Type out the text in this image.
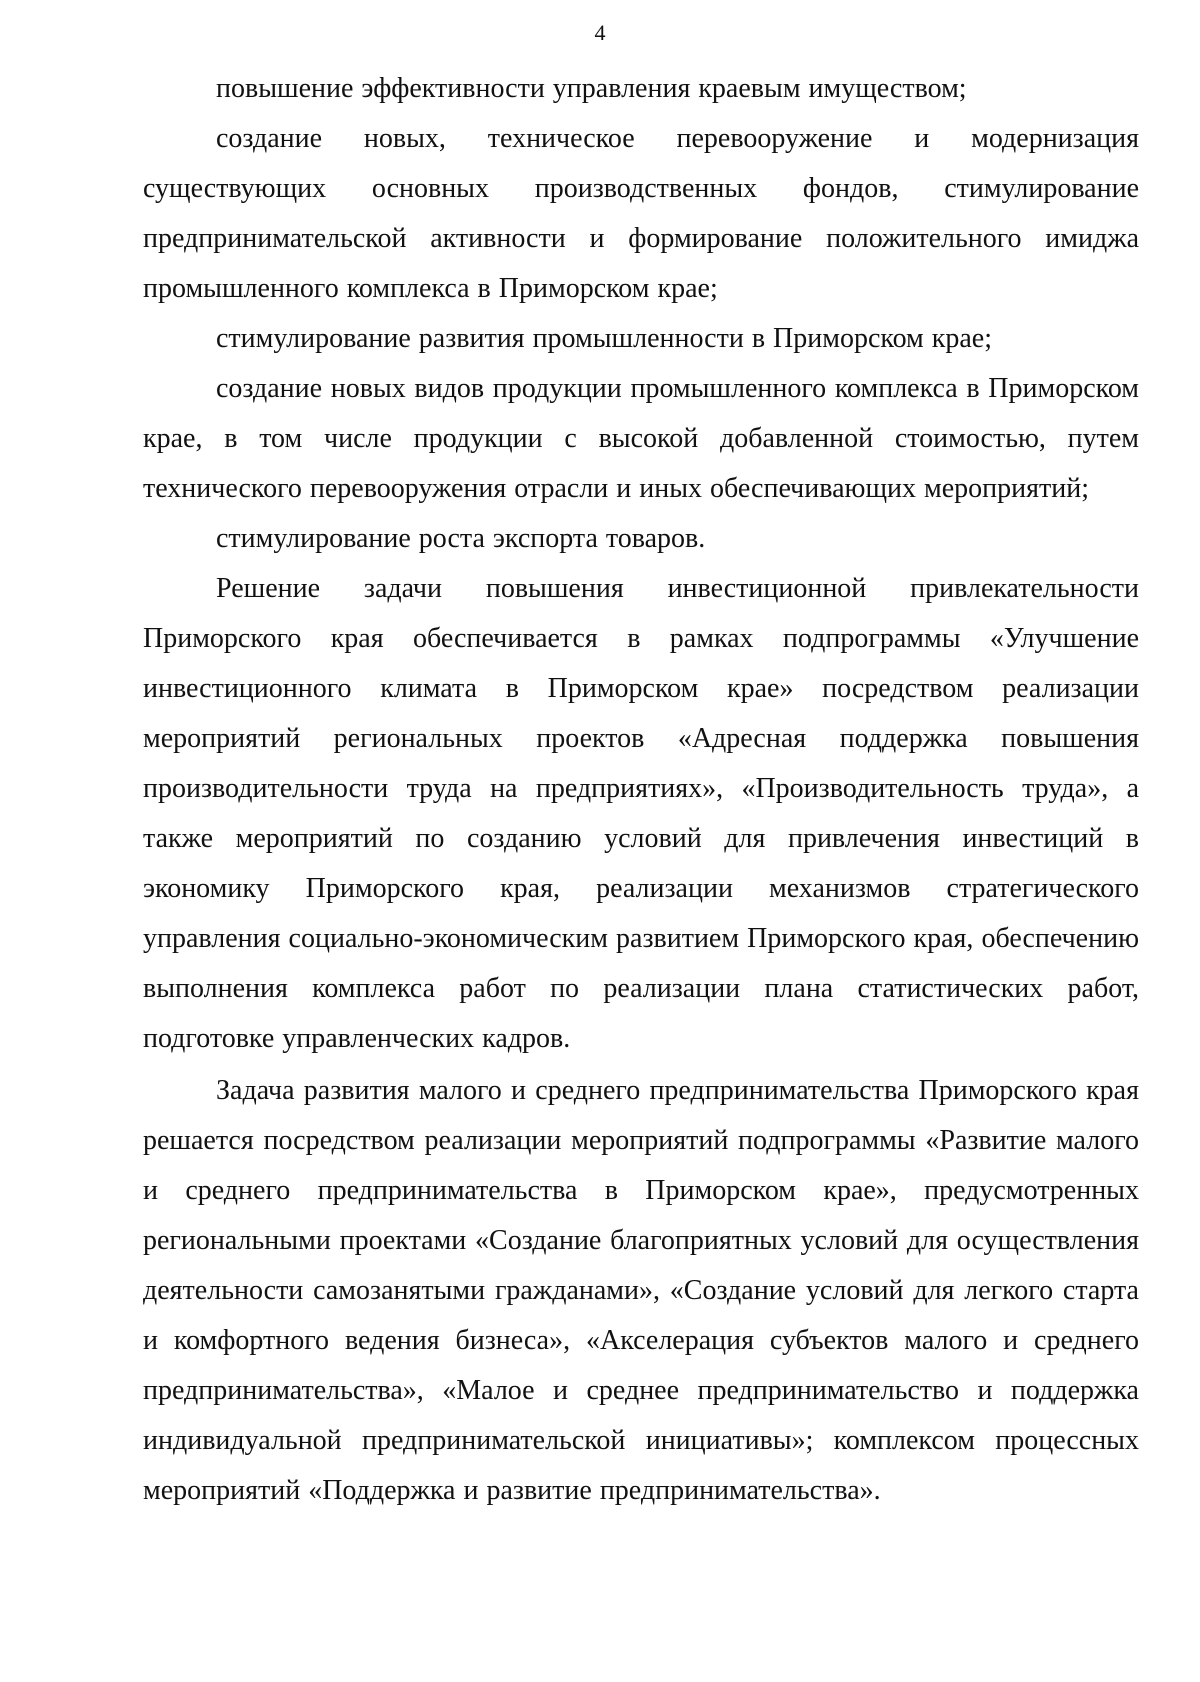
4

повышение эффективности управления краевым имуществом;

создание новых, техническое перевооружение и модернизация существующих основных производственных фондов, стимулирование предпринимательской активности и формирование положительного имиджа промышленного комплекса в Приморском крае;

стимулирование развития промышленности в Приморском крае;

создание новых видов продукции промышленного комплекса в Приморском крае, в том числе продукции с высокой добавленной стоимостью, путем технического перевооружения отрасли и иных обеспечивающих мероприятий;

стимулирование роста экспорта товаров.

Решение задачи повышения инвестиционной привлекательности Приморского края обеспечивается в рамках подпрограммы «Улучшение инвестиционного климата в Приморском крае» посредством реализации мероприятий региональных проектов «Адресная поддержка повышения производительности труда на предприятиях», «Производительность труда», а также мероприятий по созданию условий для привлечения инвестиций в экономику Приморского края, реализации механизмов стратегического управления социально-экономическим развитием Приморского края, обеспечению выполнения комплекса работ по реализации плана статистических работ, подготовке управленческих кадров.

Задача развития малого и среднего предпринимательства Приморского края решается посредством реализации мероприятий подпрограммы «Развитие малого и среднего предпринимательства в Приморском крае», предусмотренных региональными проектами «Создание благоприятных условий для осуществления деятельности самозанятыми гражданами», «Создание условий для легкого старта и комфортного ведения бизнеса», «Акселерация субъектов малого и среднего предпринимательства», «Малое и среднее предпринимательство и поддержка индивидуальной предпринимательской инициативы»; комплексом процессных мероприятий «Поддержка и развитие предпринимательства».
